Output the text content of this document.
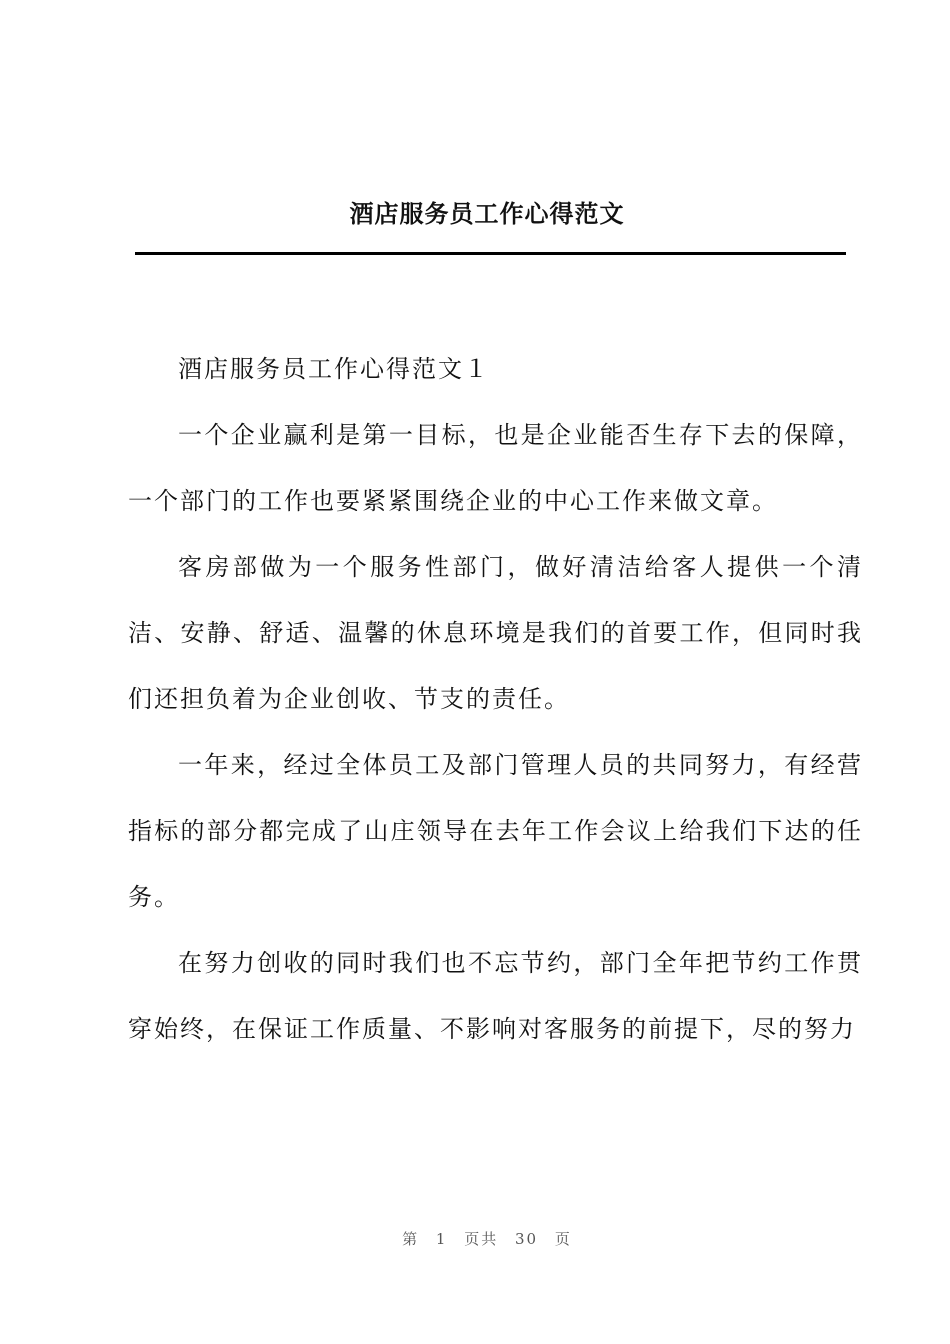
酒店服务员工作心得范文

酒店服务员工作心得范文１

一个企业赢利是第一目标，也是企业能否生存下去的保障，一个部门的工作也要紧紧围绕企业的中心工作来做文章。

客房部做为一个服务性部门，做好清洁给客人提供一个清洁、安静、舒适、温馨的休息环境是我们的首要工作，但同时我们还担负着为企业创收、节支的责任。

一年来，经过全体员工及部门管理人员的共同努力，有经营指标的部分都完成了山庄领导在去年工作会议上给我们下达的任务。

在努力创收的同时我们也不忘节约，部门全年把节约工作贯穿始终，在保证工作质量、不影响对客服务的前提下，尽的努力

第 1 页共 30 页
